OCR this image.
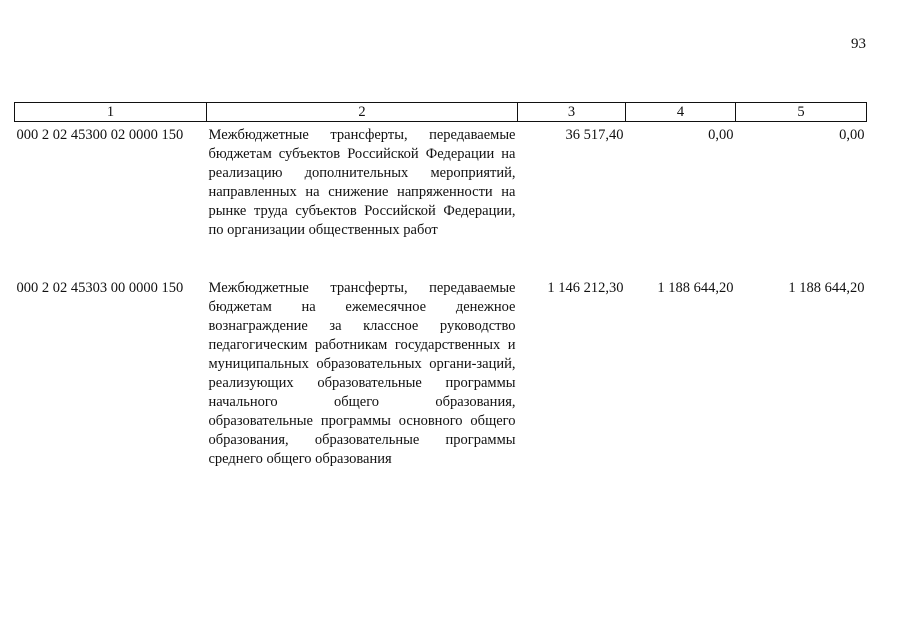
93
1	2	3	4	5
000 2 02 45300 02 0000 150	Межбюджетные трансферты, передаваемые бюджетам субъектов Российской Федерации на реализацию дополнительных мероприятий, направленных на снижение напряженности на рынке труда субъектов Российской Федерации, по организации общественных работ	36 517,40	0,00	0,00
000 2 02 45303 00 0000 150	Межбюджетные трансферты, передаваемые бюджетам на ежемесячное денежное вознаграждение за классное руководство педагогическим работникам государственных и муниципальных образовательных органи-заций, реализующих образовательные программы начального общего образования, образовательные программы основного общего образования, образовательные программы среднего общего образования	1 146 212,30	1 188 644,20	1 188 644,20
